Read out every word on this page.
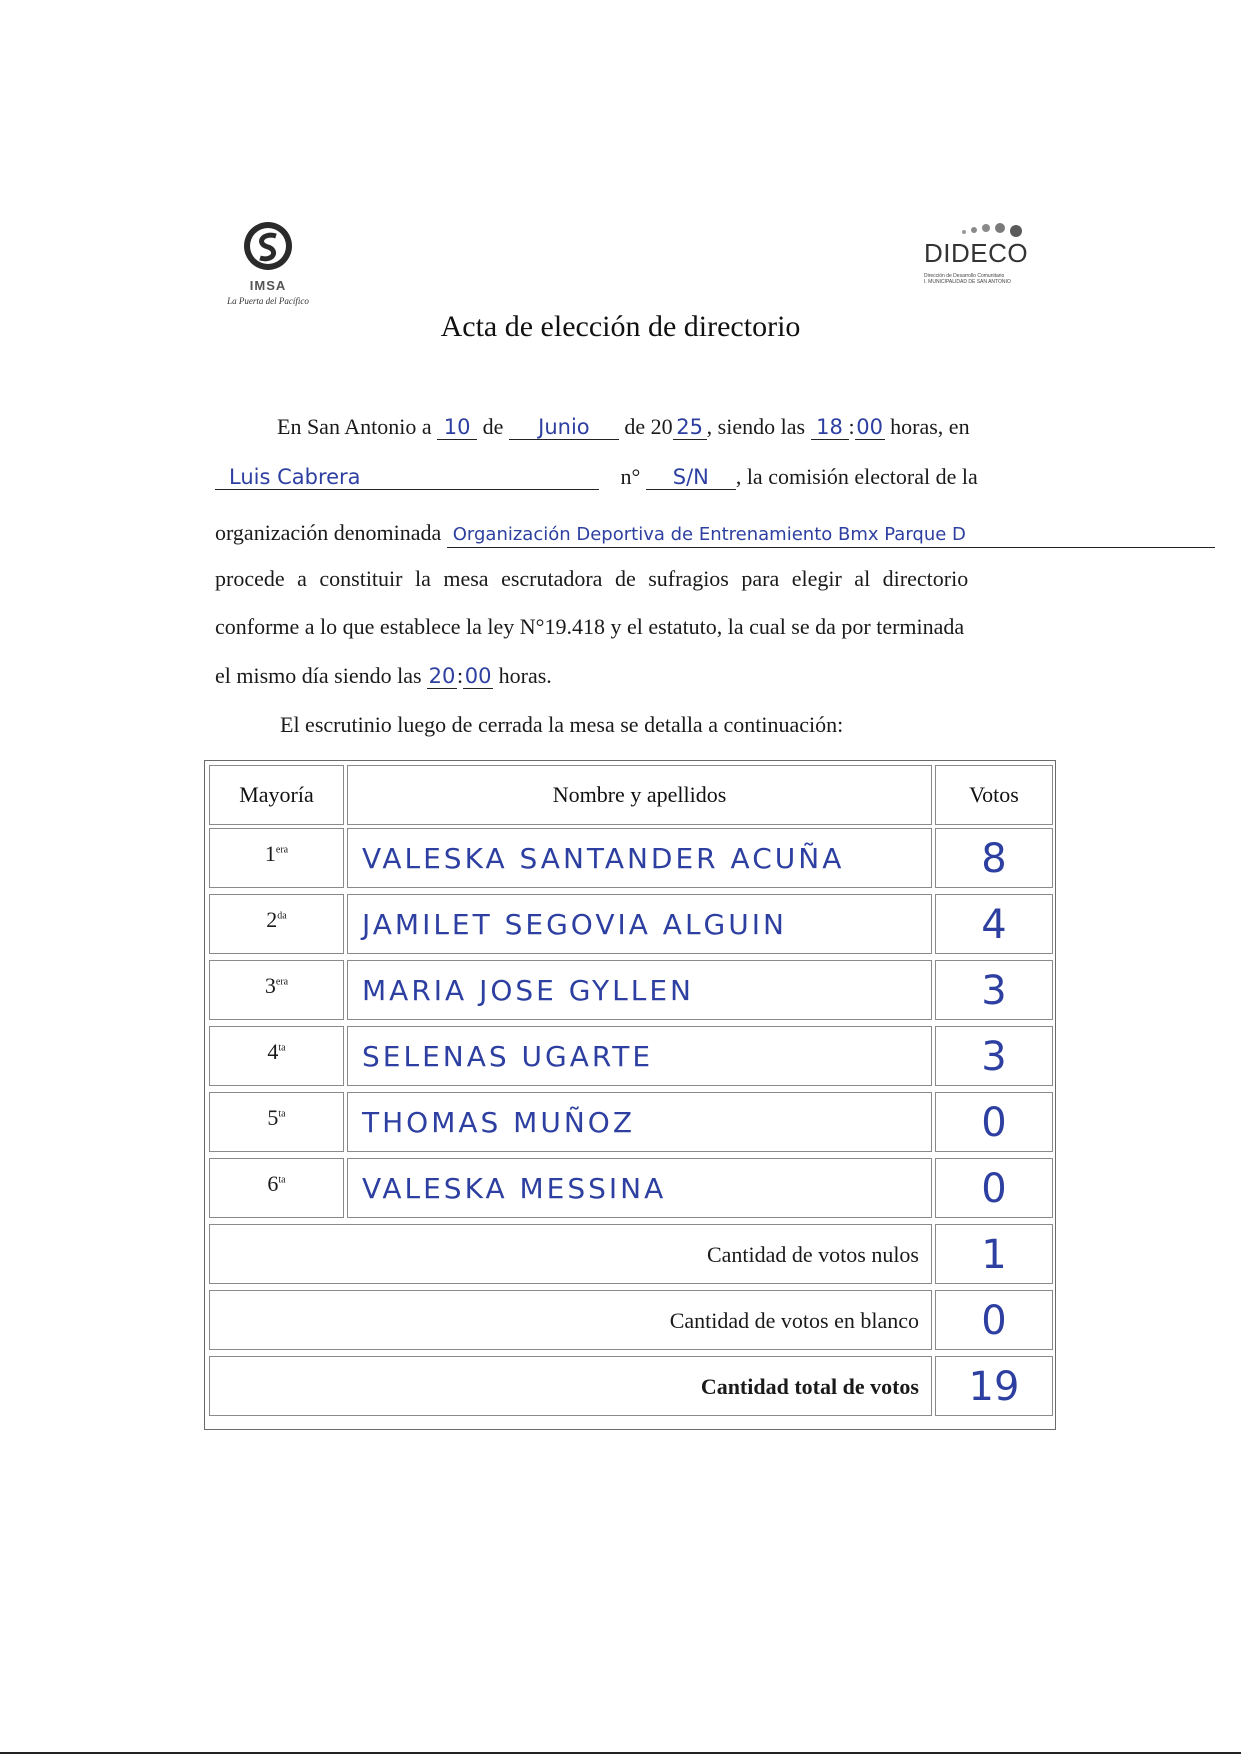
IMSA
La Puerta del Pacífico
DIDECO
Dirección de Desarrollo Comunitario
I. MUNICIPALIDAD DE SAN ANTONIO
Acta de elección de directorio
En San Antonio a 10 de Junio de 20 25 , siendo las 18 :00 horas, en
Luis Cabrera	n° S/N , la comisión electoral de la
organización denominada Organización Deportiva de Entrenamiento Bmx Parque D
procede a constituir la mesa escrutadora de sufragios para elegir al directorio
conforme a lo que establece la ley N°19.418 y el estatuto, la cual se da por terminada
el mismo día siendo las 20:00 horas.
El escrutinio luego de cerrada la mesa se detalla a continuación:
Mayoría	Nombre y apellidos	Votos
$1^{era}$	VALESKA SANTANDER ACUÑA	8
$2^{da}$	JAMILET SEGOVIA ALGUIN	4
$3^{era}$	MARIA JOSE GYLLEN	3
$4^{ta}$	SELENAS UGARTE	3
$5^{ta}$	THOMAS MUÑOZ	0
$6^{ta}$	VALESKA MESSINA	0
Cantidad de votos nulos	1
Cantidad de votos en blanco	0
Cantidad total de votos	19
